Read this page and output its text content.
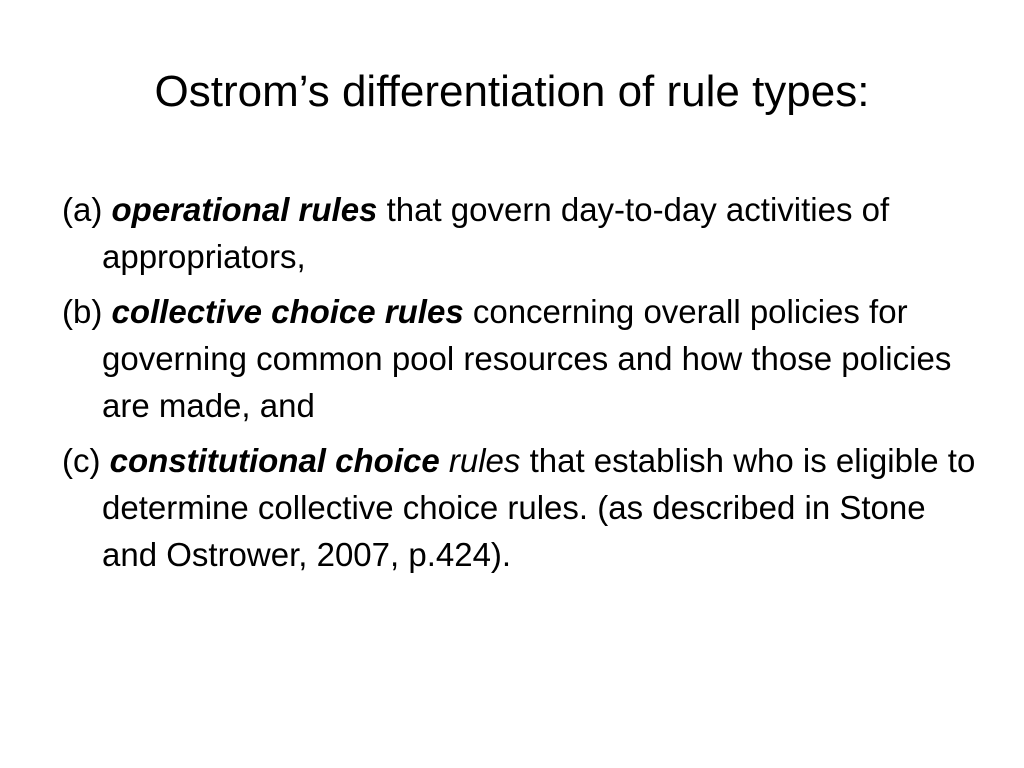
Ostrom’s differentiation of rule types:
(a) operational rules that govern day-to-day activities of appropriators,
(b) collective choice rules concerning overall policies for governing common pool resources and how those policies are made, and
(c) constitutional choice rules that establish who is eligible to determine collective choice rules. (as described in Stone and Ostrower, 2007, p.424).
